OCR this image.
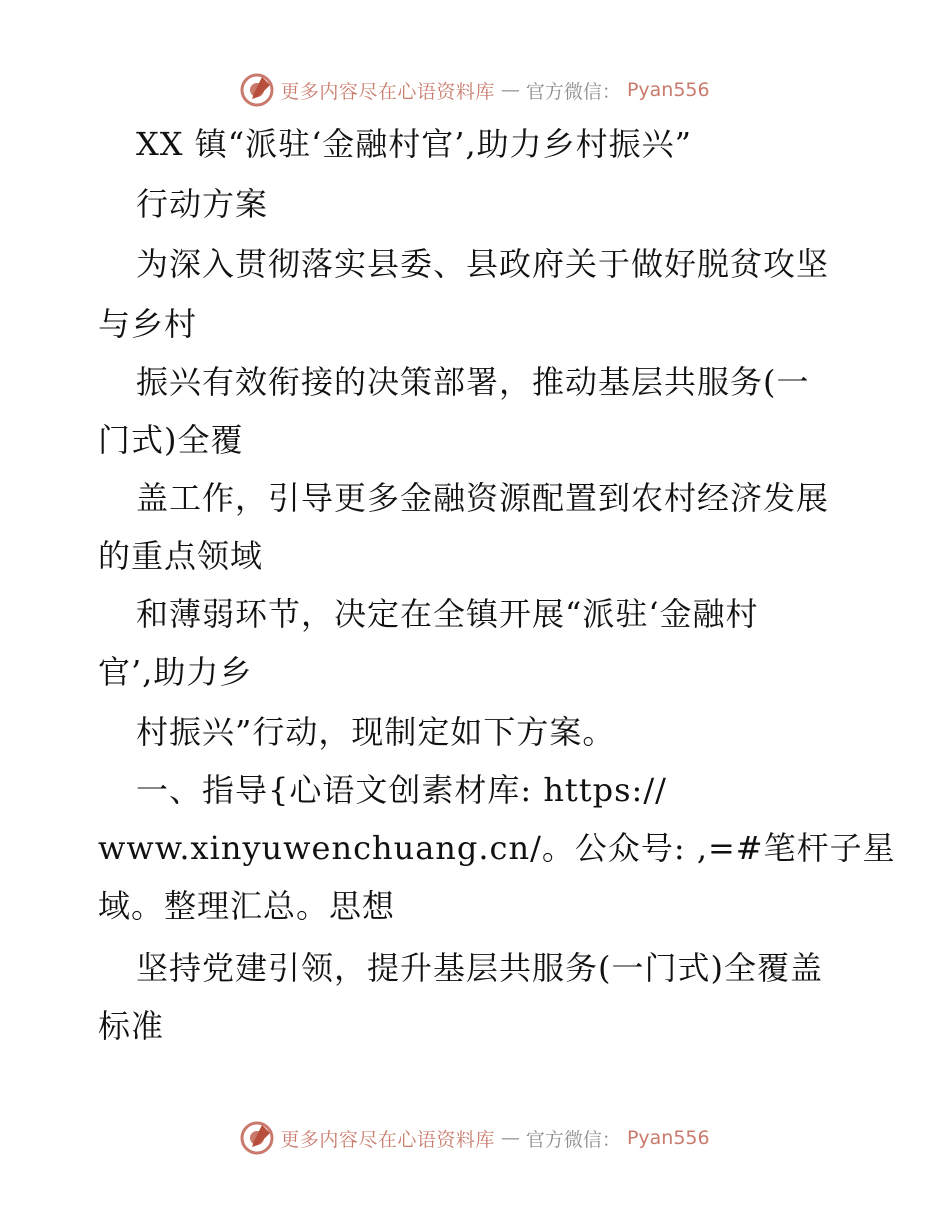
更多内容尽在心语资料库 — 官方微信： Pyan556
XX 镇“派驻‘金融村官’,助力乡村振兴”
行动方案
为深入贯彻落实县委、县政府关于做好脱贫攻坚
与乡村
振兴有效衔接的决策部署，推动基层共服务(一
门式)全覆
盖工作，引导更多金融资源配置到农村经济发展
的重点领域
和薄弱环节，决定在全镇开展“派驻‘金融村
官’,助力乡
村振兴”行动，现制定如下方案。
一、指导{心语文创素材库: https://
www.xinyuwenchuang.cn/。公众号: ,=#笔杆子星
域。整理汇总。思想
坚持党建引领，提升基层共服务(一门式)全覆盖
标准
更多内容尽在心语资料库 — 官方微信： Pyan556
